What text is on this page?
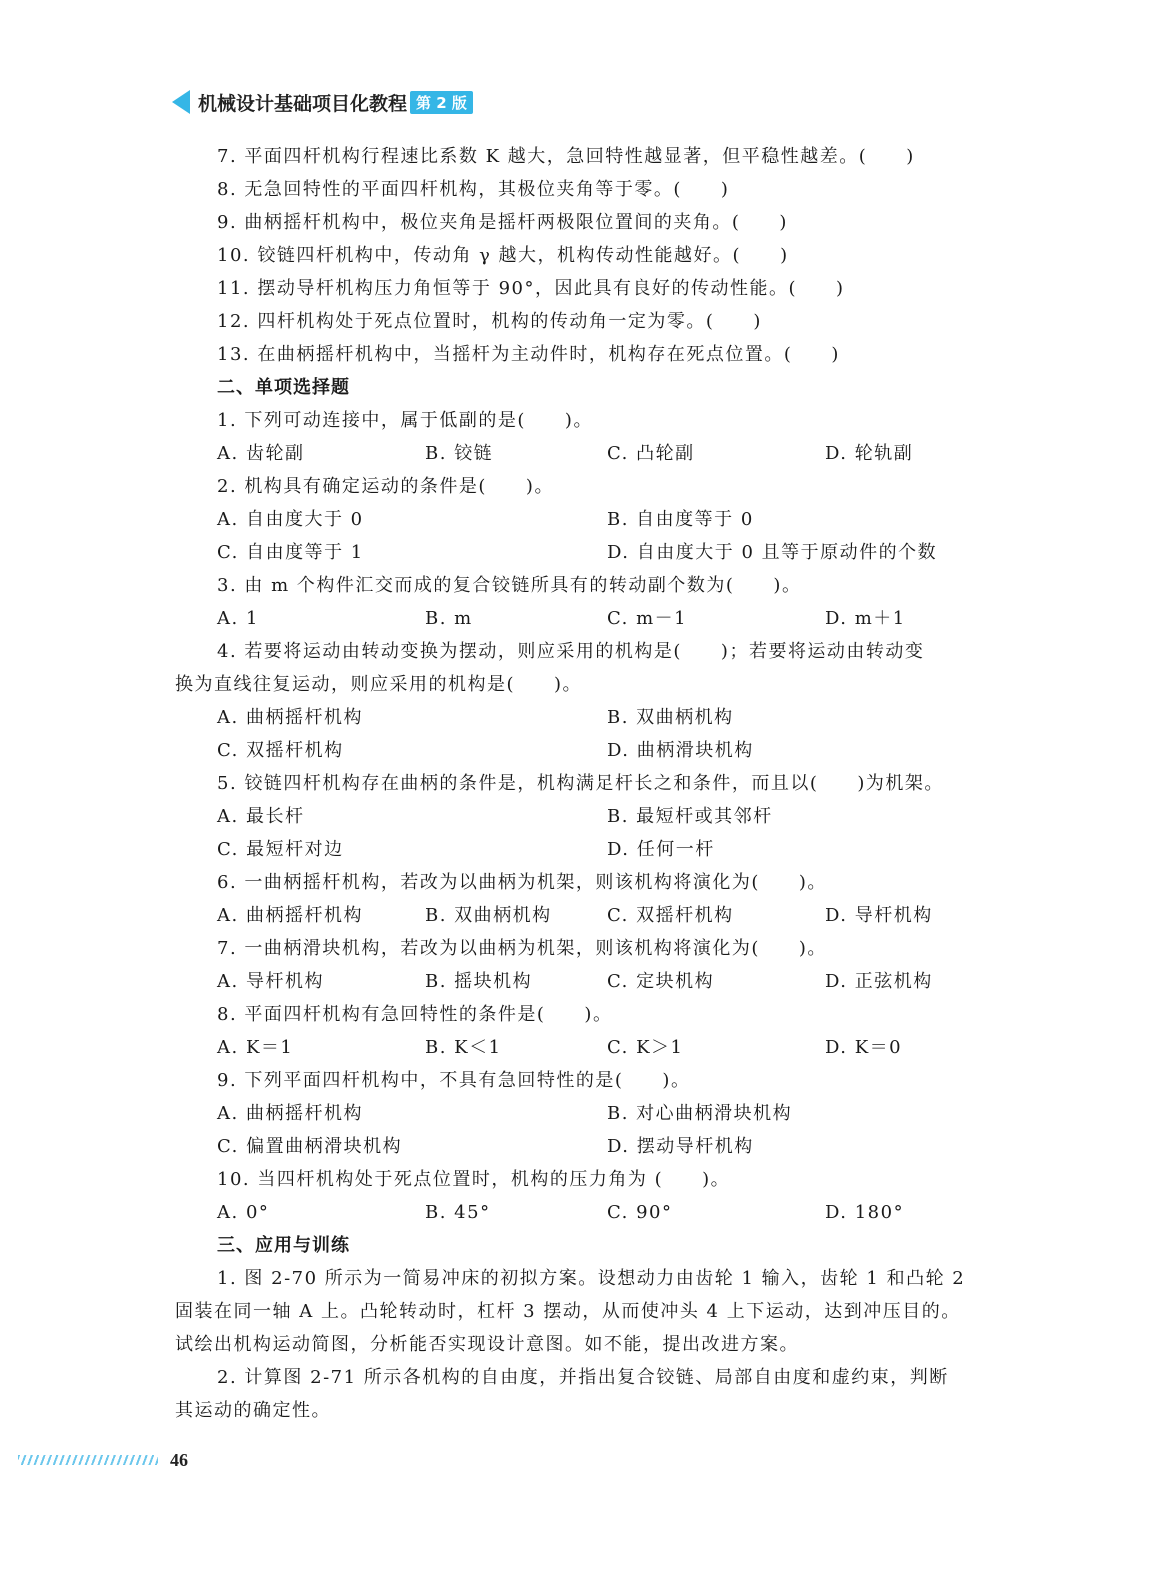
机械设计基础项目化教程 第 2 版
7. 平面四杆机构行程速比系数 K 越大，急回特性越显著，但平稳性越差。(　　)
8. 无急回特性的平面四杆机构，其极位夹角等于零。(　　)
9. 曲柄摇杆机构中，极位夹角是摇杆两极限位置间的夹角。(　　)
10. 铰链四杆机构中，传动角 γ 越大，机构传动性能越好。(　　)
11. 摆动导杆机构压力角恒等于 90°，因此具有良好的传动性能。(　　)
12. 四杆机构处于死点位置时，机构的传动角一定为零。(　　)
13. 在曲柄摇杆机构中，当摇杆为主动件时，机构存在死点位置。(　　)
二、单项选择题
1. 下列可动连接中，属于低副的是(　　)。
A. 齿轮副	B. 铰链	C. 凸轮副	D. 轮轨副
2. 机构具有确定运动的条件是(　　)。
A. 自由度大于 0	B. 自由度等于 0
C. 自由度等于 1	D. 自由度大于 0 且等于原动件的个数
3. 由 m 个构件汇交而成的复合铰链所具有的转动副个数为(　　)。
A. 1	B. m	C. m－1	D. m＋1
4. 若要将运动由转动变换为摆动，则应采用的机构是(　　)；若要将运动由转动变
换为直线往复运动，则应采用的机构是(　　)。
A. 曲柄摇杆机构	B. 双曲柄机构
C. 双摇杆机构	D. 曲柄滑块机构
5. 铰链四杆机构存在曲柄的条件是，机构满足杆长之和条件，而且以(　　)为机架。
A. 最长杆	B. 最短杆或其邻杆
C. 最短杆对边	D. 任何一杆
6. 一曲柄摇杆机构，若改为以曲柄为机架，则该机构将演化为(　　)。
A. 曲柄摇杆机构	B. 双曲柄机构	C. 双摇杆机构	D. 导杆机构
7. 一曲柄滑块机构，若改为以曲柄为机架，则该机构将演化为(　　)。
A. 导杆机构	B. 摇块机构	C. 定块机构	D. 正弦机构
8. 平面四杆机构有急回特性的条件是(　　)。
A. K＝1	B. K＜1	C. K＞1	D. K＝0
9. 下列平面四杆机构中，不具有急回特性的是(　　)。
A. 曲柄摇杆机构	B. 对心曲柄滑块机构
C. 偏置曲柄滑块机构	D. 摆动导杆机构
10. 当四杆机构处于死点位置时，机构的压力角为 (　　)。
A. 0°	B. 45°	C. 90°	D. 180°
三、应用与训练
1. 图 2-70 所示为一简易冲床的初拟方案。设想动力由齿轮 1 输入，齿轮 1 和凸轮 2
固装在同一轴 A 上。凸轮转动时，杠杆 3 摆动，从而使冲头 4 上下运动，达到冲压目的。
试绘出机构运动简图，分析能否实现设计意图。如不能，提出改进方案。
2. 计算图 2-71 所示各机构的自由度，并指出复合铰链、局部自由度和虚约束，判断
其运动的确定性。
46
